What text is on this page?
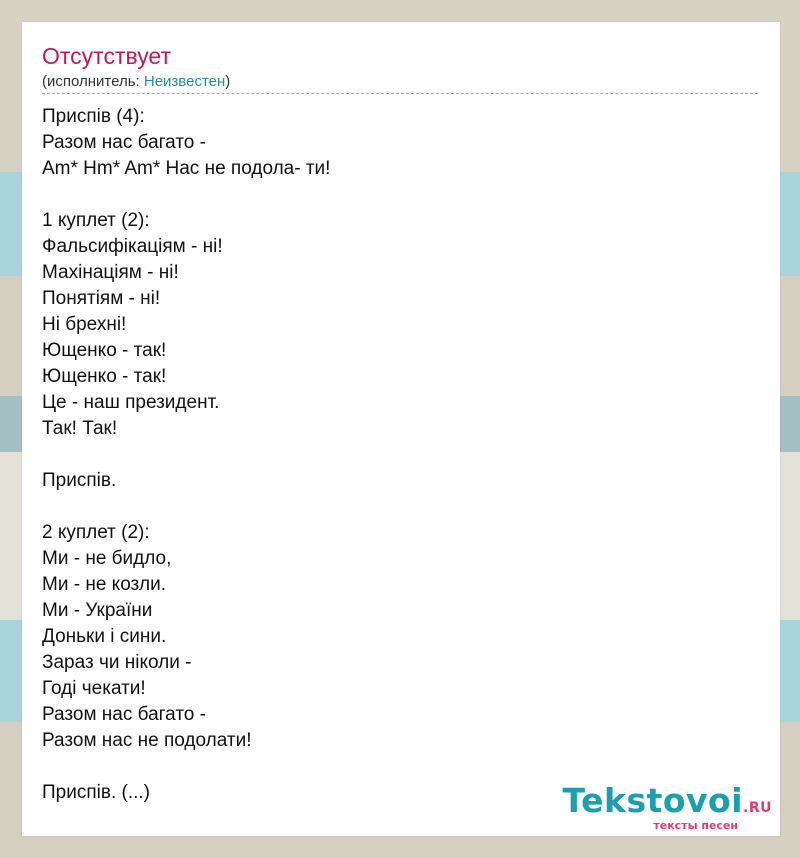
Отсутствует
(исполнитель: Неизвестен)
Приспів (4):
Разом нас багато -
Am* Hm* Am* Нас не подола- ти!

1 куплет (2):
Фальсифікаціям - ні!
Махінаціям - ні!
Понятіям - ні!
Ні брехні!
Ющенко - так!
Ющенко - так!
Це - наш президент.
Так! Так!

Приспів.

2 куплет (2):
Ми - не бидло,
Ми - не козли.
Ми - України
Доньки і сини.
Зараз чи ніколи -
Годі чекати!
Разом нас багато -
Разом нас не подолати!

Приспів. (...)	Tekstovoi.RU
тексты песен
